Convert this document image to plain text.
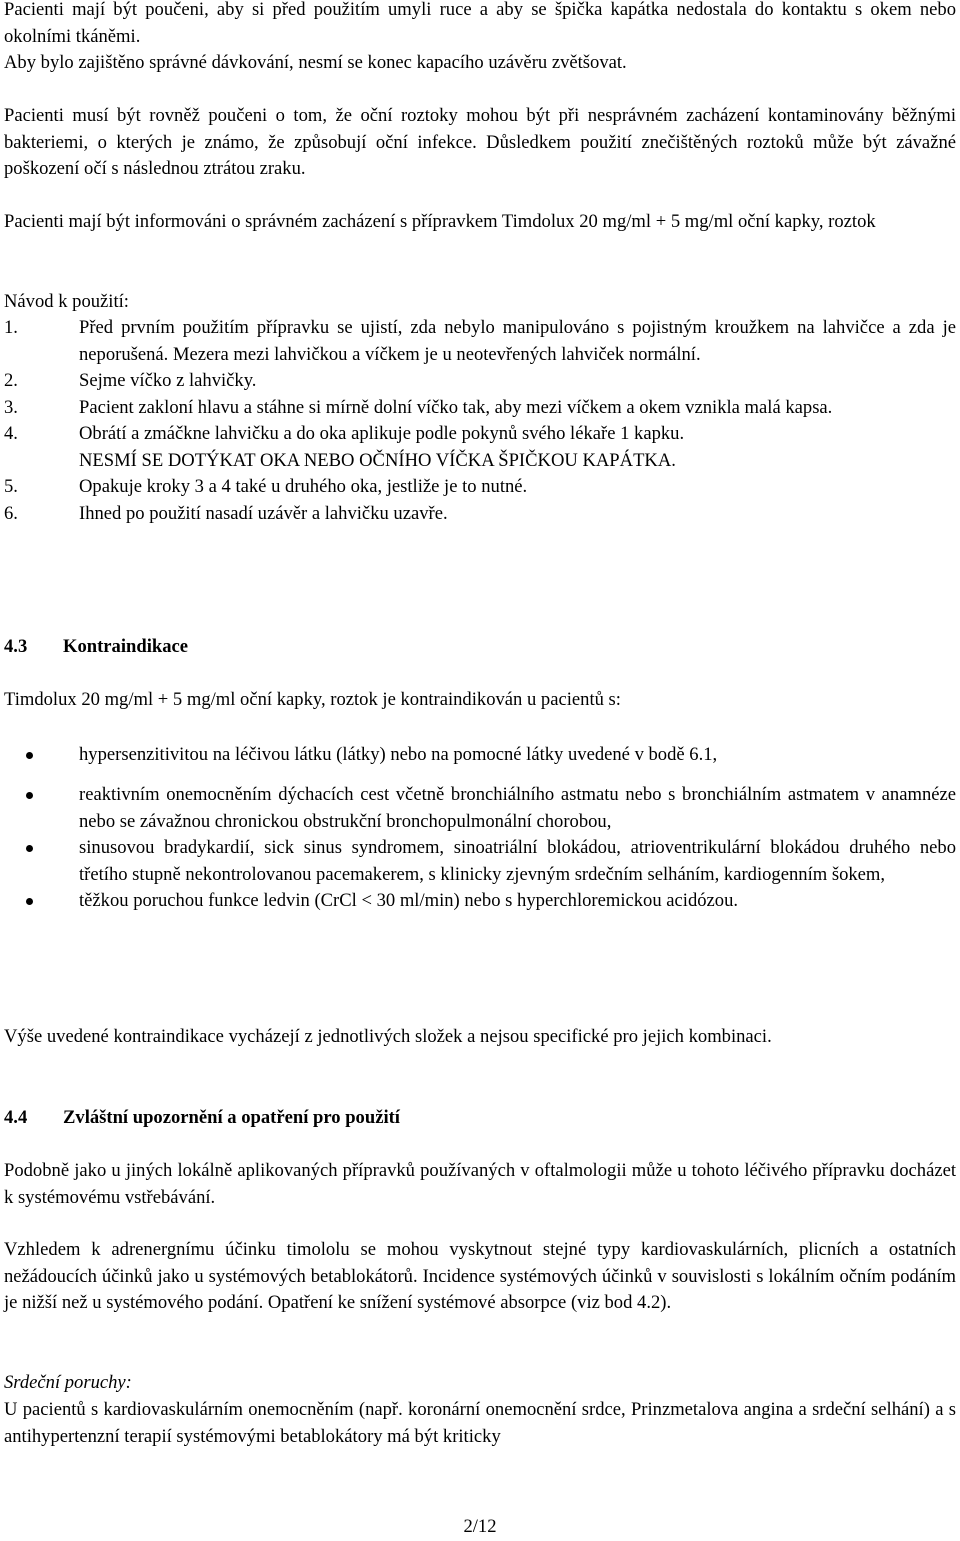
Pacienti mají být poučeni, aby si před použitím umyli ruce a aby se špička kapátka nedostala do kontaktu s okem nebo okolními tkáněmi.
Aby bylo zajištěno správné dávkování, nesmí se konec kapacího uzávěru zvětšovat.

Pacienti musí být rovněž poučeni o tom, že oční roztoky mohou být při nesprávném zacházení kontaminovány běžnými bakteriemi, o kterých je známo, že způsobují oční infekce. Důsledkem použití znečištěných roztoků může být závažné poškození očí s následnou ztrátou zraku.

Pacienti mají být informováni o správném zacházení s přípravkem Timdolux 20 mg/ml + 5 mg/ml oční kapky, roztok

Návod k použití:

1.	Před prvním použitím přípravku se ujistí, zda nebylo manipulováno s pojistným kroužkem na lahvičce a zda je neporušená. Mezera mezi lahvičkou a víčkem je u neotevřených lahviček normální.
2.	Sejme víčko z lahvičky.
3.	Pacient zakloní hlavu a stáhne si mírně dolní víčko tak, aby mezi víčkem a okem vznikla malá kapsa.
4.	Obrátí a zmáčkne lahvičku a do oka aplikuje podle pokynů svého lékaře 1 kapku.
NESMÍ SE DOTÝKAT OKA NEBO OČNÍHO VÍČKA ŠPIČKOU KAPÁTKA.
5.	Opakuje kroky 3 a 4 také u druhého oka, jestliže je to nutné.
6.	Ihned po použití nasadí uzávěr a lahvičku uzavře.
4.3 Kontraindikace

Timdolux 20 mg/ml + 5 mg/ml oční kapky, roztok je kontraindikován u pacientů s:

hypersenzitivitou na léčivou látku (látky) nebo na pomocné látky uvedené v bodě 6.1,
reaktivním onemocněním dýchacích cest včetně bronchiálního astmatu nebo s bronchiálním astmatem v anamnéze nebo se závažnou chronickou obstrukční bronchopulmonální chorobou,
sinusovou bradykardií, sick sinus syndromem, sinoatriální blokádou, atrioventrikulární blokádou druhého nebo třetího stupně nekontrolovanou pacemakerem, s klinicky zjevným srdečním selháním, kardiogenním šokem,
těžkou poruchou funkce ledvin (CrCl < 30 ml/min) nebo s hyperchloremickou acidózou.

Výše uvedené kontraindikace vycházejí z jednotlivých složek a nejsou specifické pro jejich kombinaci.

4.4 Zvláštní upozornění a opatření pro použití

Podobně jako u jiných lokálně aplikovaných přípravků používaných v oftalmologii může u tohoto léčivého přípravku docházet k systémovému vstřebávání.

Vzhledem k adrenergnímu účinku timololu se mohou vyskytnout stejné typy kardiovaskulárních, plicních a ostatních nežádoucích účinků jako u systémových betablokátorů. Incidence systémových účinků v souvislosti s lokálním očním podáním je nižší než u systémového podání. Opatření ke snížení systémové absorpce (viz bod 4.2).

Srdeční poruchy:

U pacientů s kardiovaskulárním onemocněním (např. koronární onemocnění srdce, Prinzmetalova angina a srdeční selhání) a s antihypertenzní terapií systémovými betablokátory má být kriticky

2/12
